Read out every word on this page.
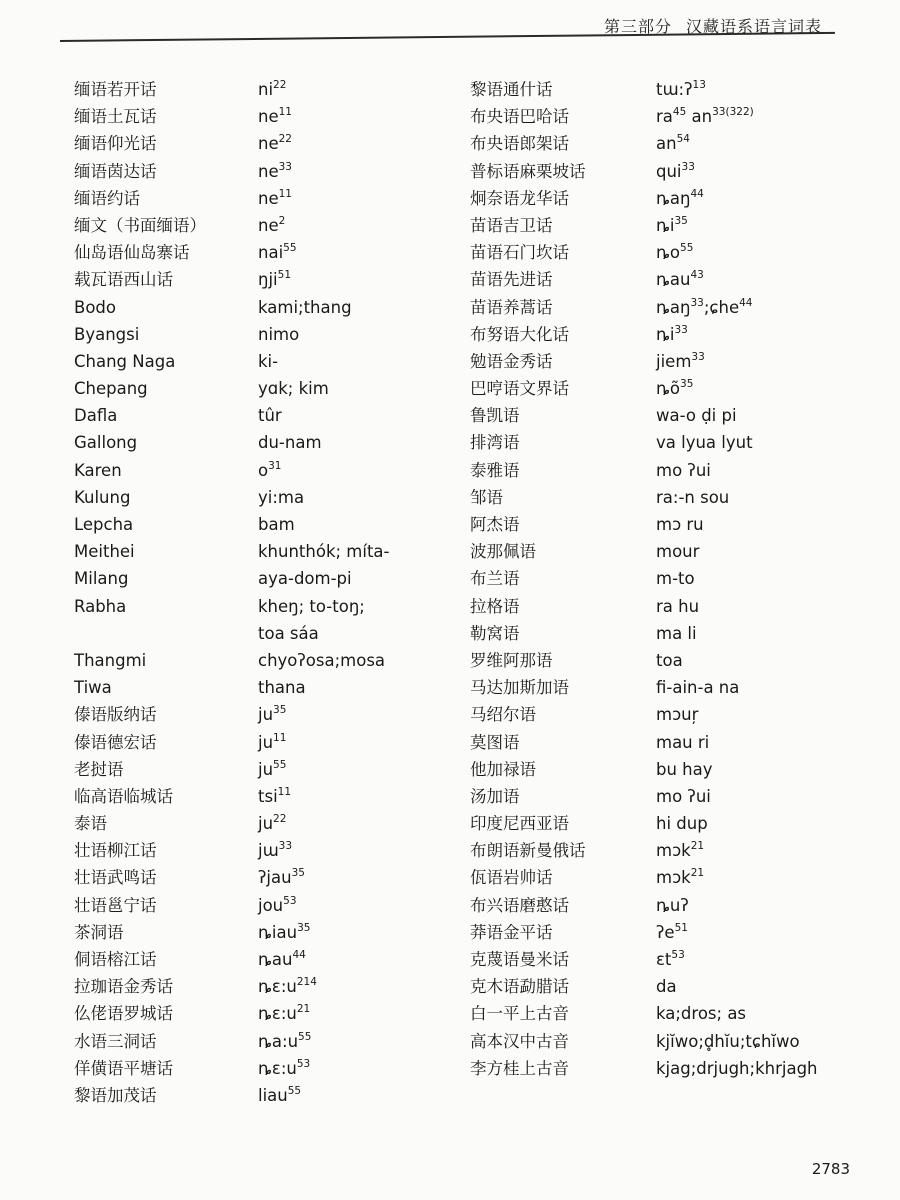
第三部分 汉藏语系语言词表
缅语若开话	$ni^{22}$
缅语土瓦话	$ne^{11}$
缅语仰光话	$ne^{22}$
缅语茵达话	$ne^{33}$
缅语约话	$ne^{11}$
缅文（书面缅语）	$ne^2$
仙岛语仙岛寨话	nai$^{55}$
载瓦语西山话	ŋji$^{51}$
Bodo	kami;thang
Byangsi	nimo
Chang Naga	ki-
Chepang	yɑk; kim
Dafla	tûr
Gallong	du-nam
Karen	$o^{31}$
Kulung	yi:ma
Lepcha	bam
Meithei	khunthók; míta-
Milang	aya-dom-pi
Rabha	kheŋ; to-toŋ;
toa sáa
Thangmi	chyoʔosa;mosa
Tiwa	thana
傣语版纳话	$ju^{35}$
傣语德宏话	$ju^{11}$
老挝语	$ju^{55}$
临高语临城话	tsi$^{11}$
泰语	$ju^{22}$
壮语柳江话	jɯ$^{33}$
壮语武鸣话	ʔjau$^{35}$
壮语邕宁话	jou$^{53}$
茶洞语	ȵiau$^{35}$
侗语榕江话	ȵau$^{44}$
拉珈语金秀话	$ȵɛ:u^{214}$
仫佬语罗城话	$ȵɛ:u^{21}$
水语三洞话	$ȵa:u^{55}$
佯僙语平塘话	$ȵɛ:u^{53}$
黎语加茂话	liau$^{55}$
黎语通什话	tɯ:ʔ$^{13}$
布央语巴哈话	$ra^{45}$ $an^{33(322)}$
布央语郎架话	$an^{54}$
普标语麻栗坡话	qui$^{33}$
炯奈语龙华话	ȵaŋ$^{44}$
苗语吉卫话	$ȵi^{35}$
苗语石门坎话	$ȵo^{55}$
苗语先进话	ȵau$^{43}$
苗语养蒿话	ȵaŋ$^{33}$;ɕhe$^{44}$
布努语大化话	$ȵi^{33}$
勉语金秀话	jiem$^{33}$
巴哼语文界话	$ȵõ^{35}$
鲁凯语	wa-o ḍi pi
排湾语	va lyua lyut
泰雅语	mo ʔui
邹语	ra:-n sou
阿杰语	mɔ ru
波那佩语	mour
布兰语	m-to
拉格语	ra hu
勒窝语	ma li
罗维阿那语	toa
马达加斯加语	fi-ain-a na
马绍尔语	mɔuŗ
莫图语	mau ri
他加禄语	bu hay
汤加语	mo ʔui
印度尼西亚语	hi dup
布朗语新曼俄话	mɔk$^{21}$
佤语岩帅话	mɔk$^{21}$
布兴语磨憨话	ȵuʔ
莽语金平话	ʔe$^{51}$
克蔑语曼米话	ɛt$^{53}$
克木语勐腊话	da
白一平上古音	ka;dros; as
高本汉中古音	kjĭwo;d̥hĭu;tɕhĭwo
李方桂上古音	kjag;drjugh;khrjagh
2783
